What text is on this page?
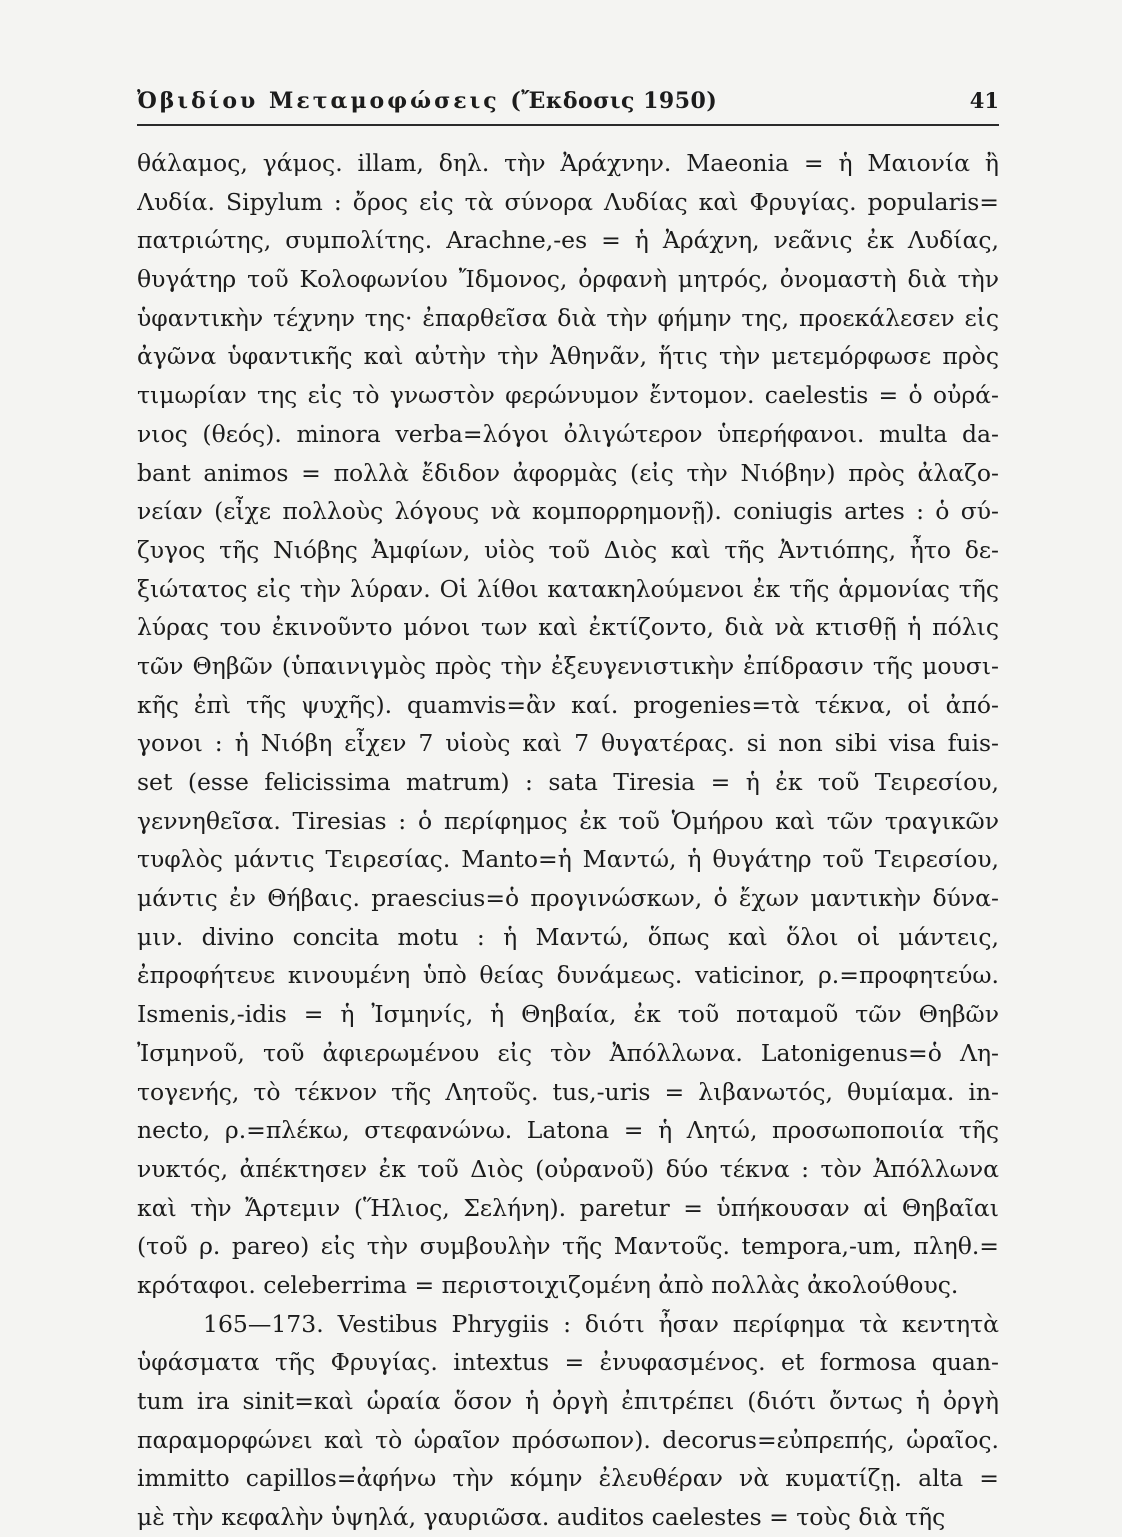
Ὀβιδίου Μεταμοφώσεις (Ἔκδοσις 1950)	41
θάλαμος, γάμος. illam, δηλ. τὴν Ἀράχνην. Maeonia = ἡ Μαιονία ἢ
Λυδία. Sipylum : ὄρος εἰς τὰ σύνορα Λυδίας καὶ Φρυγίας. popularis=
πατριώτης, συμπολίτης. Arachne,-es = ἡ Ἀράχνη, νεᾶνις ἐκ Λυδίας,
θυγάτηρ τοῦ Κολοφωνίου Ἴδμονος, ὀρφανὴ μητρός, ὀνομαστὴ διὰ τὴν
ὑφαντικὴν τέχνην της· ἐπαρθεῖσα διὰ τὴν φήμην της, προεκάλεσεν εἰς
ἀγῶνα ὑφαντικῆς καὶ αὐτὴν τὴν Ἀθηνᾶν, ἥτις τὴν μετεμόρφωσε πρὸς
τιμωρίαν της εἰς τὸ γνωστὸν φερώνυμον ἔντομον. caelestis = ὁ οὐρά-
νιος (θεός). minora verba=λόγοι ὀλιγώτερον ὑπερήφανοι. multa da-
bant animos = πολλὰ ἔδιδον ἀφορμὰς (εἰς τὴν Νιόβην) πρὸς ἀλαζο-
νείαν (εἶχε πολλοὺς λόγους νὰ κομπορρημονῇ). coniugis artes : ὁ σύ-
ζυγος τῆς Νιόβης Ἀμφίων, υἱὸς τοῦ Διὸς καὶ τῆς Ἀντιόπης, ἦτο δε-
ξιώτατος εἰς τὴν λύραν. Οἱ λίθοι κατακηλούμενοι ἐκ τῆς ἁρμονίας τῆς
λύρας του ἐκινοῦντο μόνοι των καὶ ἐκτίζοντο, διὰ νὰ κτισθῇ ἡ πόλις
τῶν Θηβῶν (ὑπαινιγμὸς πρὸς τὴν ἐξευγενιστικὴν ἐπίδρασιν τῆς μουσι-
κῆς ἐπὶ τῆς ψυχῆς). quamvis=ἂν καί. progenies=τὰ τέκνα, οἱ ἀπό-
γονοι : ἡ Νιόβη εἶχεν 7 υἱοὺς καὶ 7 θυγατέρας. si non sibi visa fuis-
set (esse felicissima matrum) : sata Tiresia = ἡ ἐκ τοῦ Τειρεσίου,
γεννηθεῖσα. Tiresias : ὁ περίφημος ἐκ τοῦ Ὁμήρου καὶ τῶν τραγικῶν
τυφλὸς μάντις Τειρεσίας. Manto=ἡ Μαντώ, ἡ θυγάτηρ τοῦ Τειρεσίου,
μάντις ἐν Θήβαις. praescius=ὁ προγινώσκων, ὁ ἔχων μαντικὴν δύνα-
μιν. divino concita motu : ἡ Μαντώ, ὅπως καὶ ὅλοι οἱ μάντεις,
ἐπροφήτευε κινουμένη ὑπὸ θείας δυνάμεως. vaticinor, ρ.=προφητεύω.
Ismenis,-idis = ἡ Ἰσμηνίς, ἡ Θηβαία, ἐκ τοῦ ποταμοῦ τῶν Θηβῶν
Ἰσμηνοῦ, τοῦ ἀφιερωμένου εἰς τὸν Ἀπόλλωνα. Latonigenus=ὁ Λη-
τογενής, τὸ τέκνον τῆς Λητοῦς. tus,-uris = λιβανωτός, θυμίαμα. in-
necto, ρ.=πλέκω, στεφανώνω. Latona = ἡ Λητώ, προσωποποιία τῆς
νυκτός, ἀπέκτησεν ἐκ τοῦ Διὸς (οὐρανοῦ) δύο τέκνα : τὸν Ἀπόλλωνα
καὶ τὴν Ἄρτεμιν (Ἥλιος, Σελήνη). paretur = ὑπήκουσαν αἱ Θηβαῖαι
(τοῦ ρ. pareo) εἰς τὴν συμβουλὴν τῆς Μαντοῦς. tempora,-um, πληθ.=
κρόταφοι. celeberrima = περιστοιχιζομένη ἀπὸ πολλὰς ἀκολούθους.
165—173. Vestibus Phrygiis : διότι ἦσαν περίφημα τὰ κεντητὰ
ὑφάσματα τῆς Φρυγίας. intextus = ἐνυφασμένος. et formosa quan-
tum ira sinit=καὶ ὡραία ὅσον ἡ ὀργὴ ἐπιτρέπει (διότι ὄντως ἡ ὀργὴ
παραμορφώνει καὶ τὸ ὡραῖον πρόσωπον). decorus=εὐπρεπής, ὡραῖος.
immitto capillos=ἀφήνω τὴν κόμην ἐλευθέραν νὰ κυματίζῃ. alta =
μὲ τὴν κεφαλὴν ὑψηλά, γαυριῶσα. auditos caelestes = τοὺς διὰ τῆς
